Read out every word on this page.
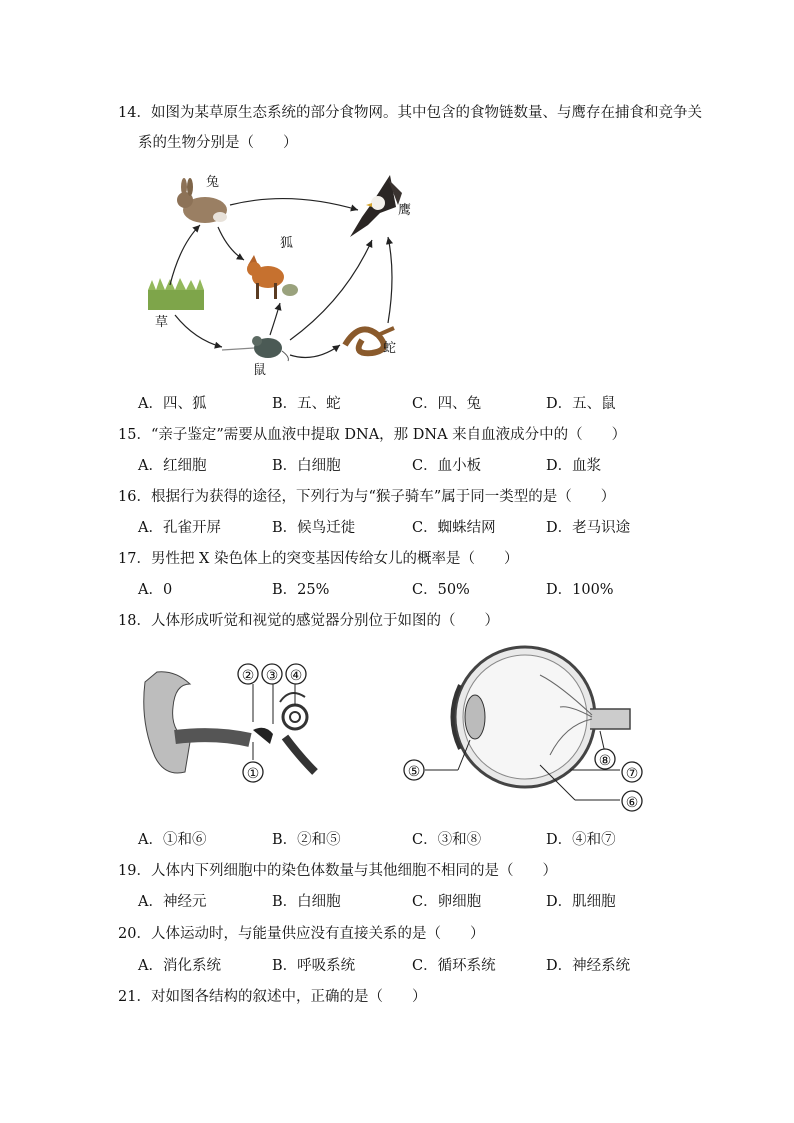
14．如图为某草原生态系统的部分食物网。其中包含的食物链数量、与鹰存在捕食和竞争关
系的生物分别是（　　）
兔
鹰
狐
草
蛇
鼠
A．四、狐	B．五、蛇	C．四、兔	D．五、鼠
15．“亲子鉴定”需要从血液中提取 DNA，那 DNA 来自血液成分中的（　　）
A．红细胞	B．白细胞	C．血小板	D．血浆
16．根据行为获得的途径，下列行为与“猴子骑车”属于同一类型的是（　　）
A．孔雀开屏	B．候鸟迁徙	C．蜘蛛结网	D．老马识途
17．男性把 X 染色体上的突变基因传给女儿的概率是（　　）
A．0	B．25%	C．50%	D．100%
18．人体形成听觉和视觉的感觉器分别位于如图的（　　）
② ③ ④
①	⑤
⑧
⑦
⑥
A．①和⑥	B．②和⑤	C．③和⑧	D．④和⑦
19．人体内下列细胞中的染色体数量与其他细胞不相同的是（　　）
A．神经元	B．白细胞	C．卵细胞	D．肌细胞
20．人体运动时，与能量供应没有直接关系的是（　　）
A．消化系统	B．呼吸系统	C．循环系统	D．神经系统
21．对如图各结构的叙述中，正确的是（　　）
